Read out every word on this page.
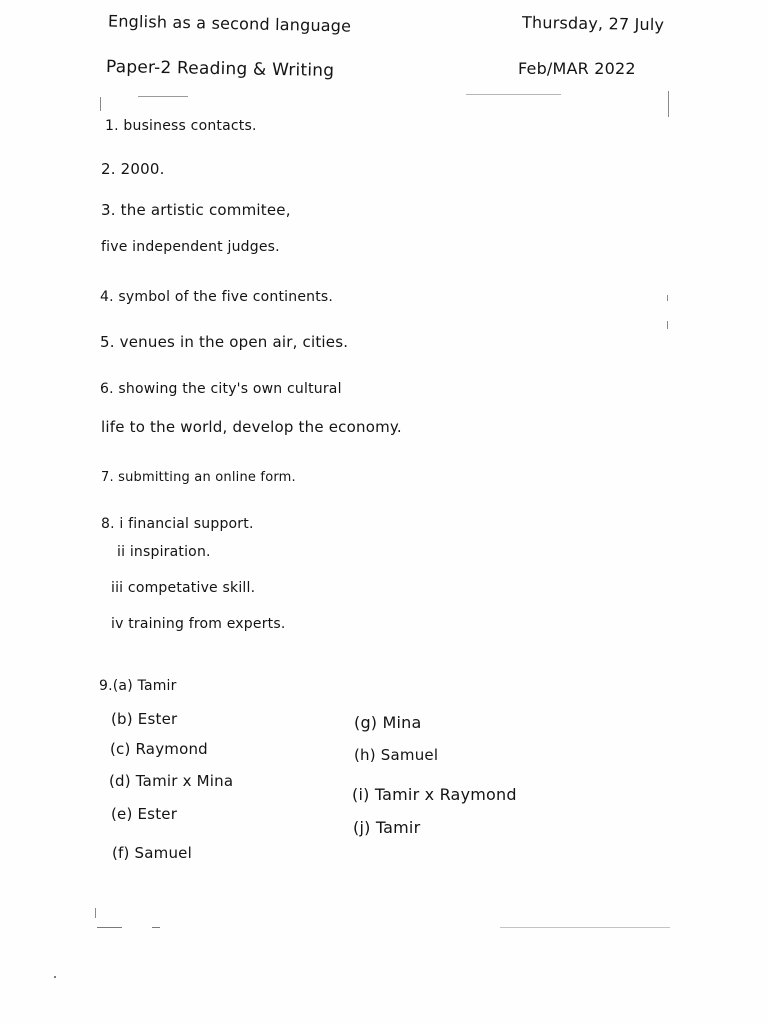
English as a second language	Thursday, 27 July
Paper-2 Reading & Writing	Feb/MAR 2022
1. business contacts.
2. 2000.
3. the artistic commitee,
five independent judges.
4. symbol of the five continents.
5. venues in the open air, cities.
6. showing the city's own cultural
life to the world, develop the economy.
7. submitting an online form.
8. i financial support.
ii inspiration.
iii competative skill.
iv training from experts.
9.(a) Tamir
(b) Ester
(c) Raymond
(d) Tamir x Mina
(e) Ester
(f) Samuel
(g) Mina
(h) Samuel
(i) Tamir x Raymond
(j) Tamir
